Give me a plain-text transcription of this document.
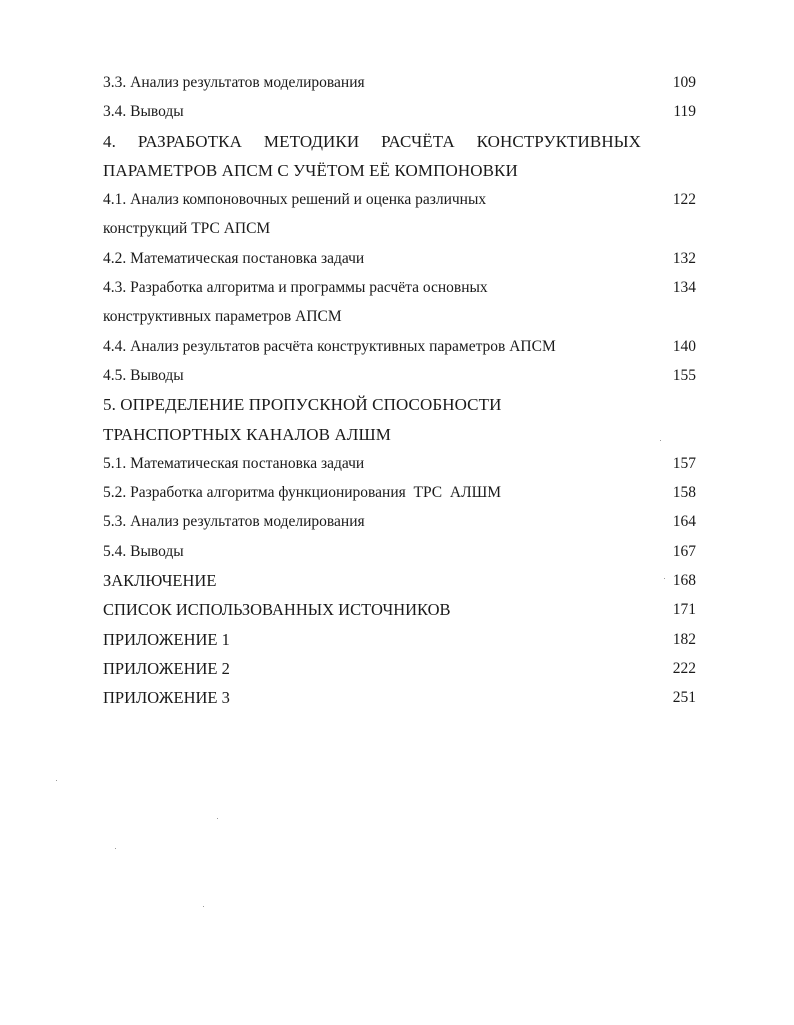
3.3. Анализ результатов моделирования	109
3.4. Выводы	119
4. РАЗРАБОТКА МЕТОДИКИ РАСЧЁТА КОНСТРУКТИВНЫХ
ПАРАМЕТРОВ АПСМ С УЧЁТОМ ЕЁ КОМПОНОВКИ
4.1. Анализ компоновочных решений и оценка различных	122
конструкций ТРС АПСМ
4.2. Математическая постановка задачи	132
4.3. Разработка алгоритма и программы расчёта основных	134
конструктивных параметров АПСМ
4.4. Анализ результатов расчёта конструктивных параметров АПСМ	140
4.5. Выводы	155
5. ОПРЕДЕЛЕНИЕ ПРОПУСКНОЙ СПОСОБНОСТИ
ТРАНСПОРТНЫХ КАНАЛОВ АЛШМ
5.1. Математическая постановка задачи	157
5.2. Разработка алгоритма функционирования  ТРС  АЛШМ	158
5.3. Анализ результатов моделирования	164
5.4. Выводы	167
ЗАКЛЮЧЕНИЕ	168
СПИСОК ИСПОЛЬЗОВАННЫХ ИСТОЧНИКОВ	171
ПРИЛОЖЕНИЕ 1	182
ПРИЛОЖЕНИЕ 2	222
ПРИЛОЖЕНИЕ 3	251
